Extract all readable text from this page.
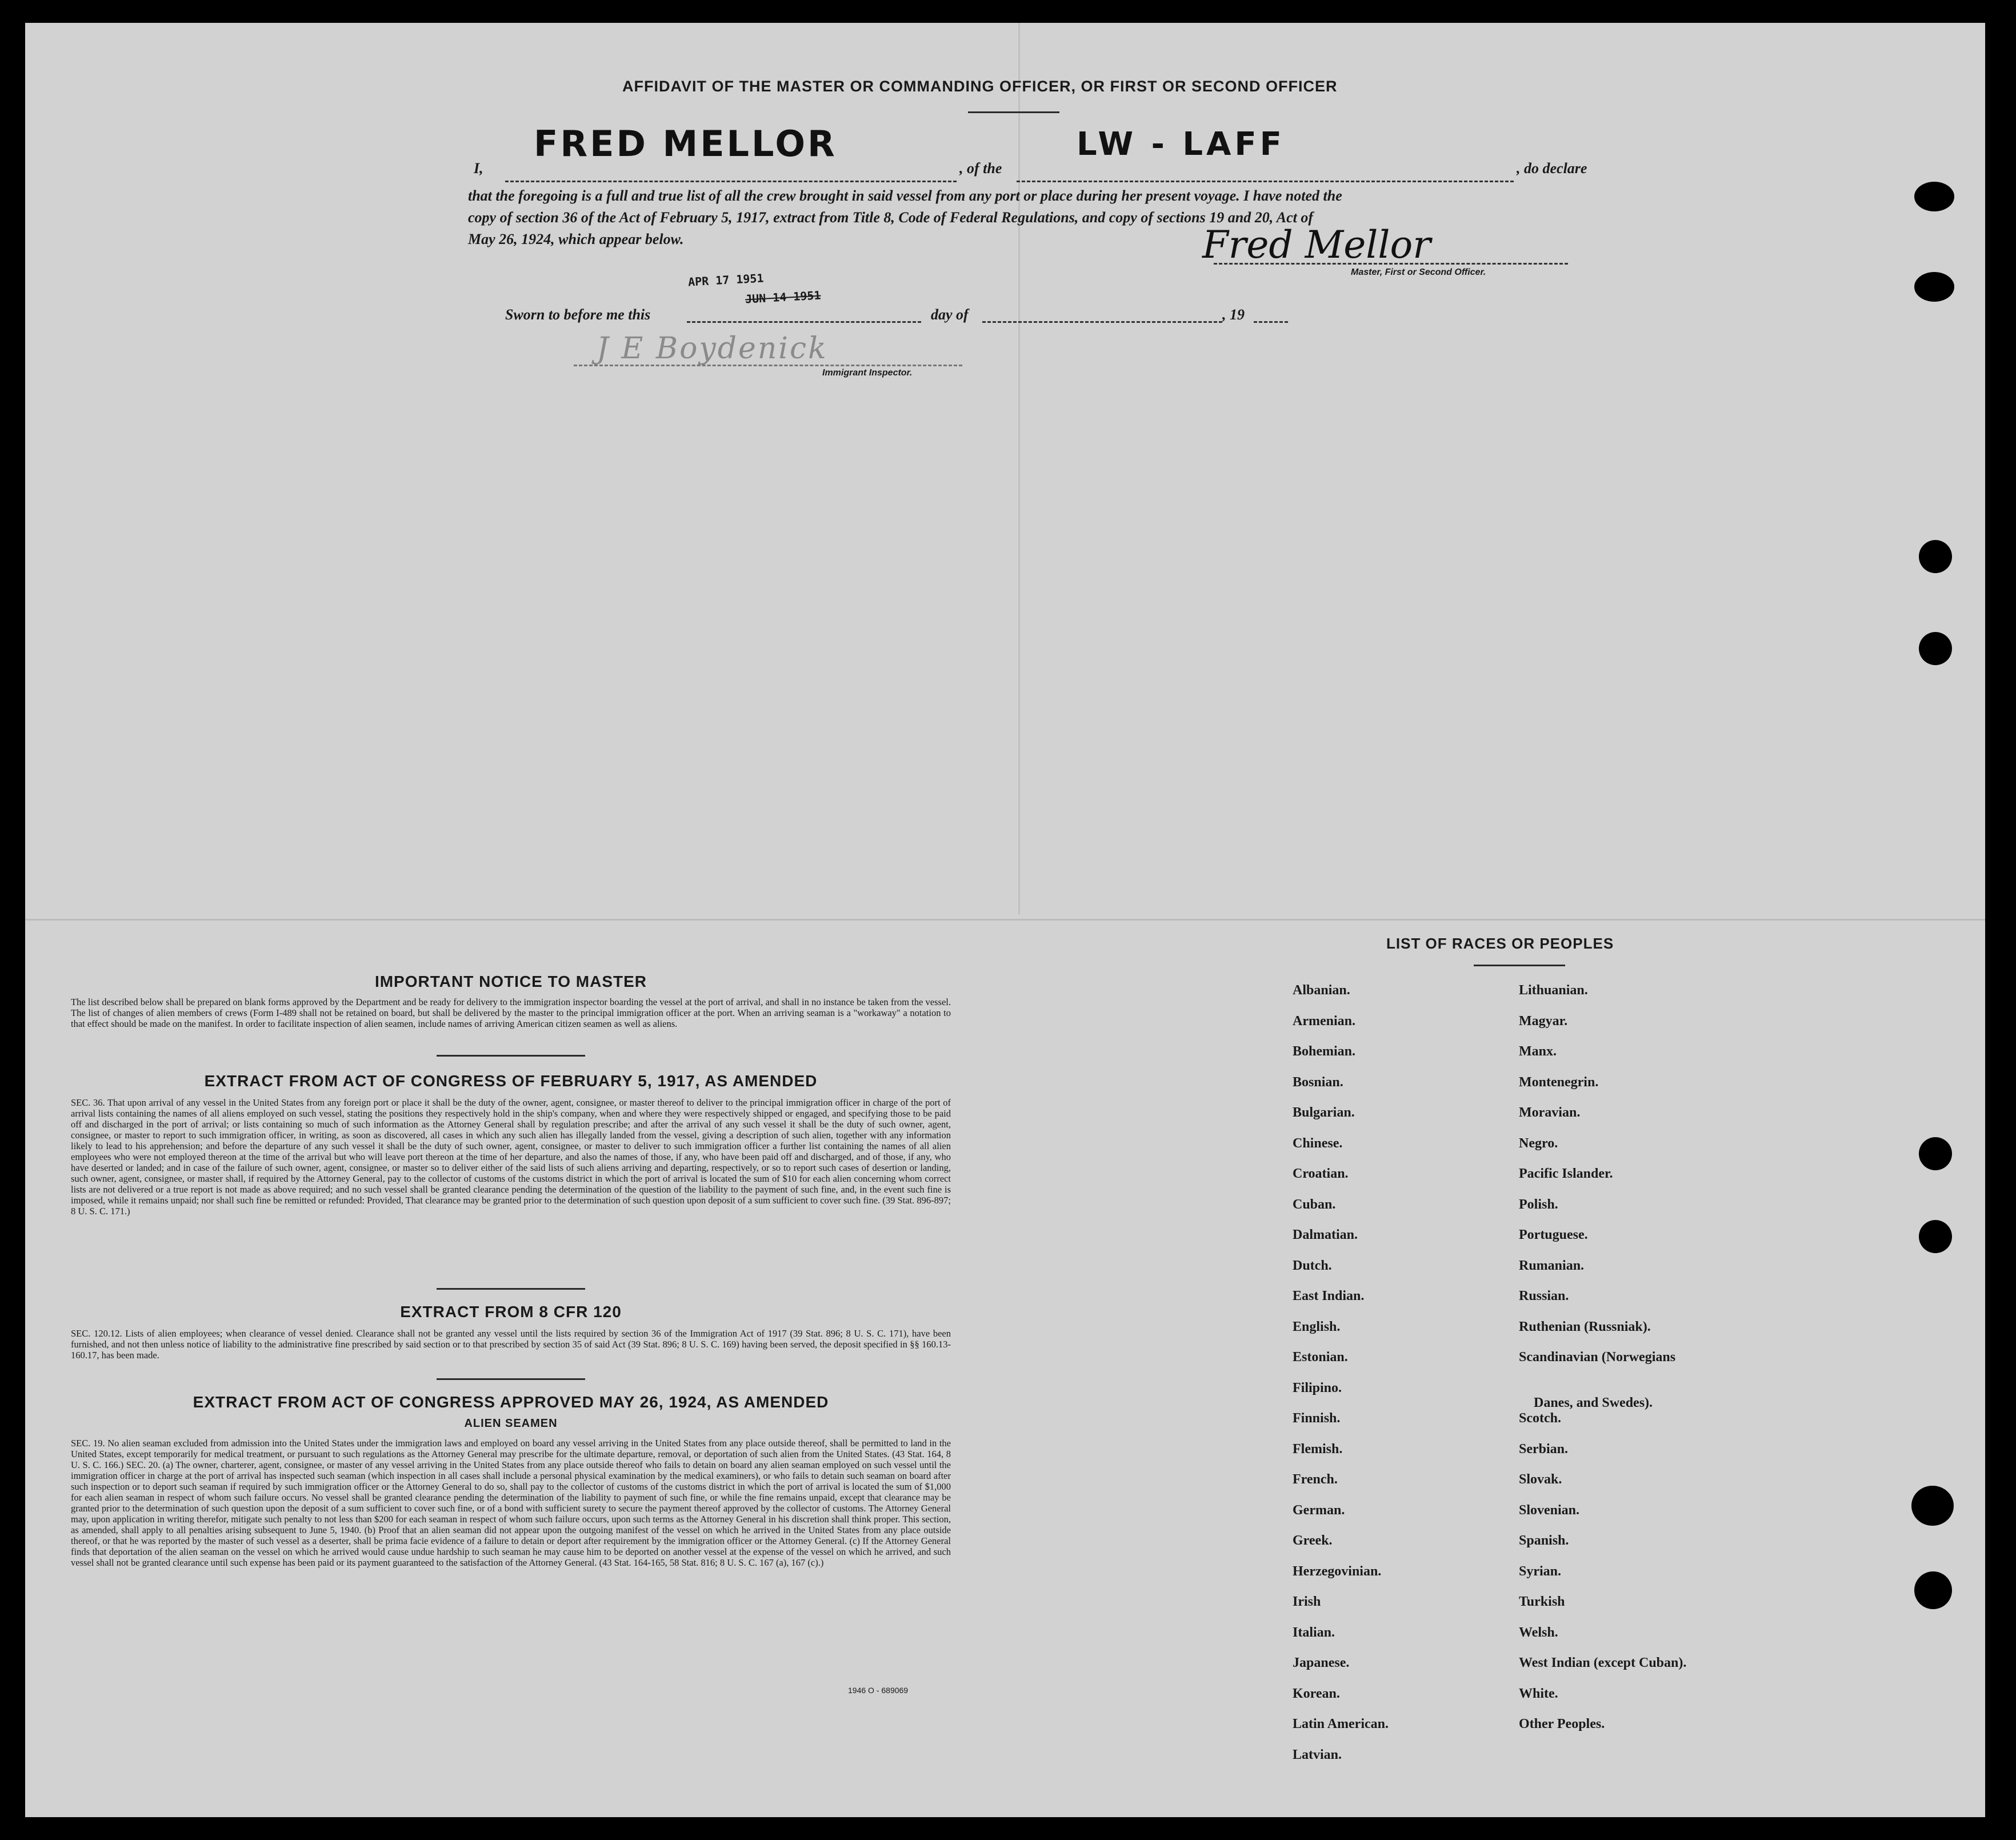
AFFIDAVIT OF THE MASTER OR COMMANDING OFFICER, OR FIRST OR SECOND OFFICER
I,
FRED MELLOR
, of the
LW - LAFF
, do declare
that the foregoing is a full and true list of all the crew brought in said vessel from any port or place during her present voyage. I have noted the
copy of section 36 of the Act of February 5, 1917, extract from Title 8, Code of Federal Regulations, and copy of sections 19 and 20, Act of
May 26, 1924, which appear below.	Fred Mellor
Master, First or Second Officer.
Sworn to before me this
APR 17 1951
JUN 14 1951
day of	, 19
J E Boydenick
Immigrant Inspector.
IMPORTANT NOTICE TO MASTER
The list described below shall be prepared on blank forms approved by the Department and be ready for delivery to the immigration inspector boarding the vessel at the port of arrival, and shall in no instance be taken from the vessel. The list of changes of alien members of crews (Form I-489 shall not be retained on board, but shall be delivered by the master to the principal immigration officer at the port. When an arriving seaman is a "workaway" a notation to that effect should be made on the manifest. In order to facilitate inspection of alien seamen, include names of arriving American citizen seamen as well as aliens.
EXTRACT FROM ACT OF CONGRESS OF FEBRUARY 5, 1917, AS AMENDED
SEC. 36. That upon arrival of any vessel in the United States from any foreign port or place it shall be the duty of the owner, agent, consignee, or master thereof to deliver to the principal immigration officer in charge of the port of arrival lists containing the names of all aliens employed on such vessel, stating the positions they respectively hold in the ship's company, when and where they were respectively shipped or engaged, and specifying those to be paid off and discharged in the port of arrival; or lists containing so much of such information as the Attorney General shall by regulation prescribe; and after the arrival of any such vessel it shall be the duty of such owner, agent, consignee, or master to report to such immigration officer, in writing, as soon as discovered, all cases in which any such alien has illegally landed from the vessel, giving a description of such alien, together with any information likely to lead to his apprehension; and before the departure of any such vessel it shall be the duty of such owner, agent, consignee, or master to deliver to such immigration officer a further list containing the names of all alien employees who were not employed thereon at the time of the arrival but who will leave port thereon at the time of her departure, and also the names of those, if any, who have been paid off and discharged, and of those, if any, who have deserted or landed; and in case of the failure of such owner, agent, consignee, or master so to deliver either of the said lists of such aliens arriving and departing, respectively, or so to report such cases of desertion or landing, such owner, agent, consignee, or master shall, if required by the Attorney General, pay to the collector of customs of the customs district in which the port of arrival is located the sum of $10 for each alien concerning whom correct lists are not delivered or a true report is not made as above required; and no such vessel shall be granted clearance pending the determination of the question of the liability to the payment of such fine, and, in the event such fine is imposed, while it remains unpaid; nor shall such fine be remitted or refunded: Provided, That clearance may be granted prior to the determination of such question upon deposit of a sum sufficient to cover such fine. (39 Stat. 896-897; 8 U. S. C. 171.)
EXTRACT FROM 8 CFR 120
SEC. 120.12. Lists of alien employees; when clearance of vessel denied. Clearance shall not be granted any vessel until the lists required by section 36 of the Immigration Act of 1917 (39 Stat. 896; 8 U. S. C. 171), have been furnished, and not then unless notice of liability to the administrative fine prescribed by said section or to that prescribed by section 35 of said Act (39 Stat. 896; 8 U. S. C. 169) having been served, the deposit specified in §§ 160.13-160.17, has been made.
EXTRACT FROM ACT OF CONGRESS APPROVED MAY 26, 1924, AS AMENDED
ALIEN SEAMEN
SEC. 19. No alien seaman excluded from admission into the United States under the immigration laws and employed on board any vessel arriving in the United States from any place outside thereof, shall be permitted to land in the United States, except temporarily for medical treatment, or pursuant to such regulations as the Attorney General may prescribe for the ultimate departure, removal, or deportation of such alien from the United States. (43 Stat. 164, 8 U. S. C. 166.) SEC. 20. (a) The owner, charterer, agent, consignee, or master of any vessel arriving in the United States from any place outside thereof who fails to detain on board any alien seaman employed on such vessel until the immigration officer in charge at the port of arrival has inspected such seaman (which inspection in all cases shall include a personal physical examination by the medical examiners), or who fails to detain such seaman on board after such inspection or to deport such seaman if required by such immigration officer or the Attorney General to do so, shall pay to the collector of customs of the customs district in which the port of arrival is located the sum of $1,000 for each alien seaman in respect of whom such failure occurs. No vessel shall be granted clearance pending the determination of the liability to payment of such fine, or while the fine remains unpaid, except that clearance may be granted prior to the determination of such question upon the deposit of a sum sufficient to cover such fine, or of a bond with sufficient surety to secure the payment thereof approved by the collector of customs. The Attorney General may, upon application in writing therefor, mitigate such penalty to not less than $200 for each seaman in respect of whom such failure occurs, upon such terms as the Attorney General in his discretion shall think proper. This section, as amended, shall apply to all penalties arising subsequent to June 5, 1940. (b) Proof that an alien seaman did not appear upon the outgoing manifest of the vessel on which he arrived in the United States from any place outside thereof, or that he was reported by the master of such vessel as a deserter, shall be prima facie evidence of a failure to detain or deport after requirement by the immigration officer or the Attorney General. (c) If the Attorney General finds that deportation of the alien seaman on the vessel on which he arrived would cause undue hardship to such seaman he may cause him to be deported on another vessel at the expense of the vessel on which he arrived, and such vessel shall not be granted clearance until such expense has been paid or its payment guaranteed to the satisfaction of the Attorney General. (43 Stat. 164-165, 58 Stat. 816; 8 U. S. C. 167 (a), 167 (c).)
1946 O - 689069
LIST OF RACES OR PEOPLES
Albanian.
Armenian.
Bohemian.
Bosnian.
Bulgarian.
Chinese.
Croatian.
Cuban.
Dalmatian.
Dutch.
East Indian.
English.
Estonian.
Filipino.
Finnish.
Flemish.
French.
German.
Greek.
Herzegovinian.
Irish
Italian.
Japanese.
Korean.
Latin American.
Latvian.
Lithuanian.
Magyar.
Manx.
Montenegrin.
Moravian.
Negro.
Pacific Islander.
Polish.
Portuguese.
Rumanian.
Russian.
Ruthenian (Russniak).
Scandinavian (Norwegians
Danes, and Swedes).
Scotch.
Serbian.
Slovak.
Slovenian.
Spanish.
Syrian.
Turkish
Welsh.
West Indian (except Cuban).
White.
Other Peoples.
